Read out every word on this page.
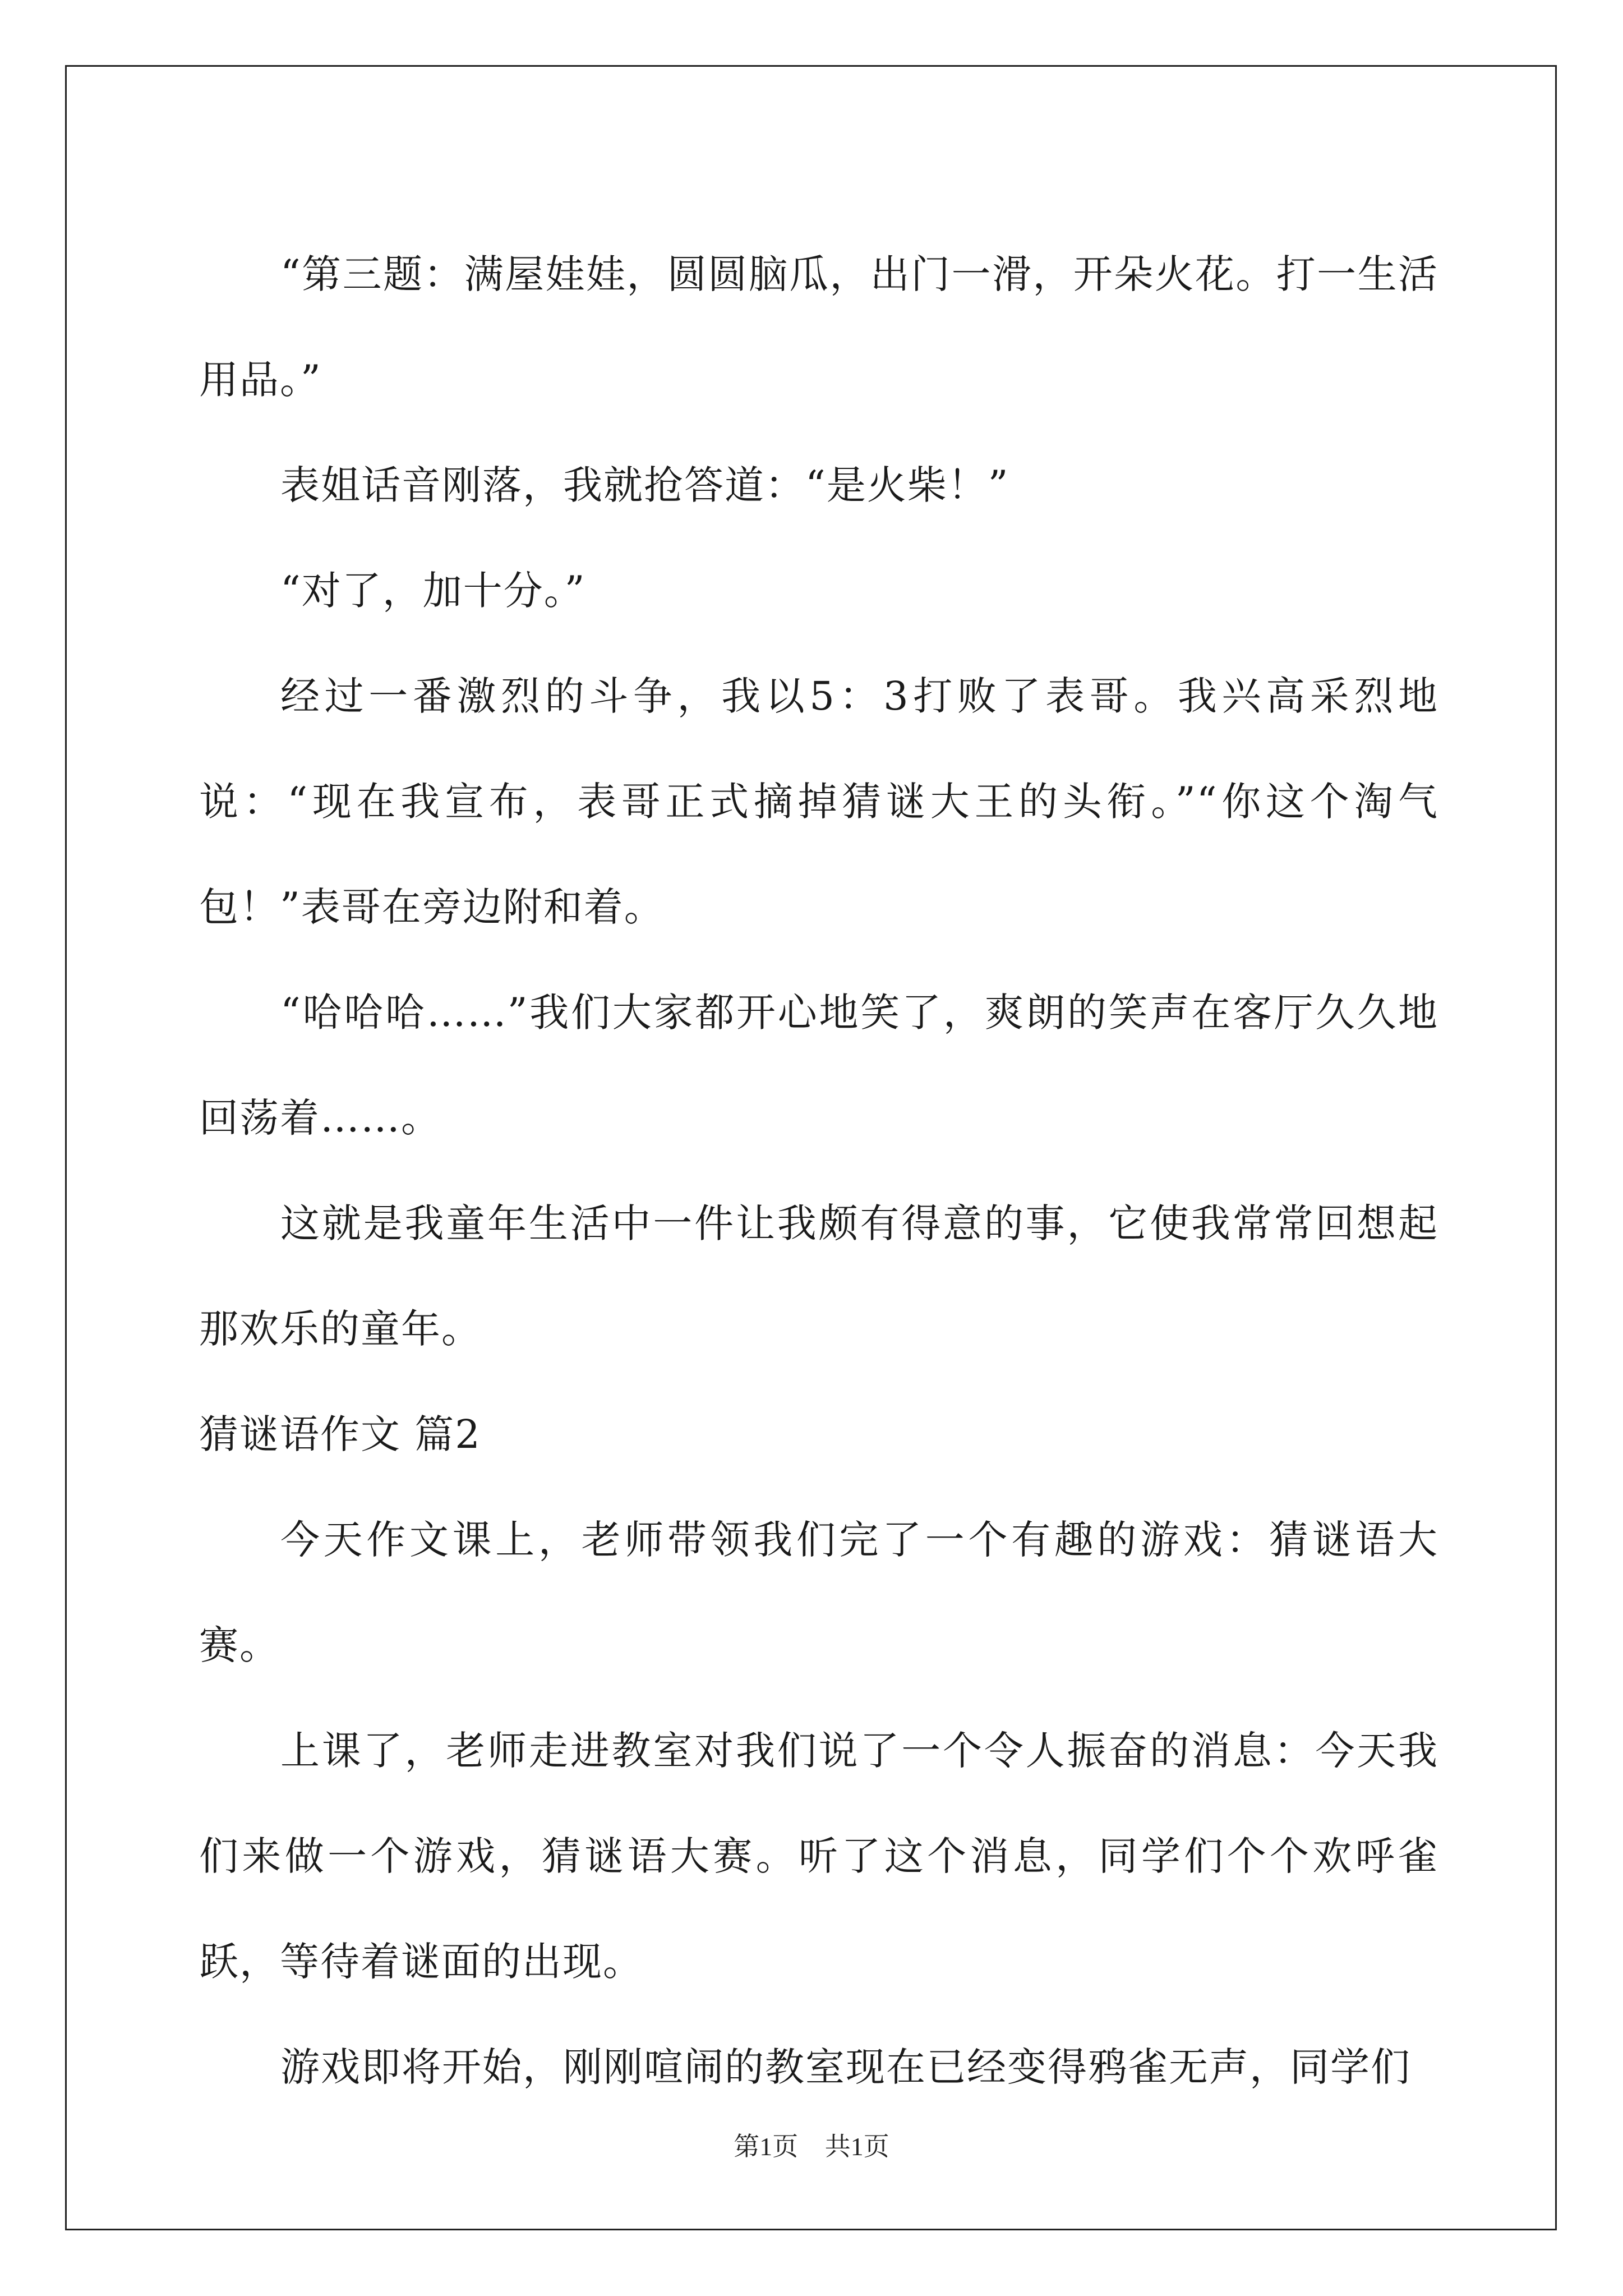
“第三题：满屋娃娃，圆圆脑瓜，出门一滑，开朵火花。打一生活用品。”

表姐话音刚落，我就抢答道：“是火柴！”

“对了，加十分。”

经过一番激烈的斗争，我以5：3打败了表哥。我兴高采烈地说：“现在我宣布，表哥正式摘掉猜谜大王的头衔。”“你这个淘气包！”表哥在旁边附和着。

“哈哈哈……”我们大家都开心地笑了，爽朗的笑声在客厅久久地回荡着……。

这就是我童年生活中一件让我颇有得意的事，它使我常常回想起那欢乐的童年。

猜谜语作文 篇2

今天作文课上，老师带领我们完了一个有趣的游戏：猜谜语大赛。

上课了，老师走进教室对我们说了一个令人振奋的消息：今天我们来做一个游戏，猜谜语大赛。听了这个消息，同学们个个欢呼雀跃，等待着谜面的出现。

游戏即将开始，刚刚喧闹的教室现在已经变得鸦雀无声，同学们

第1页 共1页
